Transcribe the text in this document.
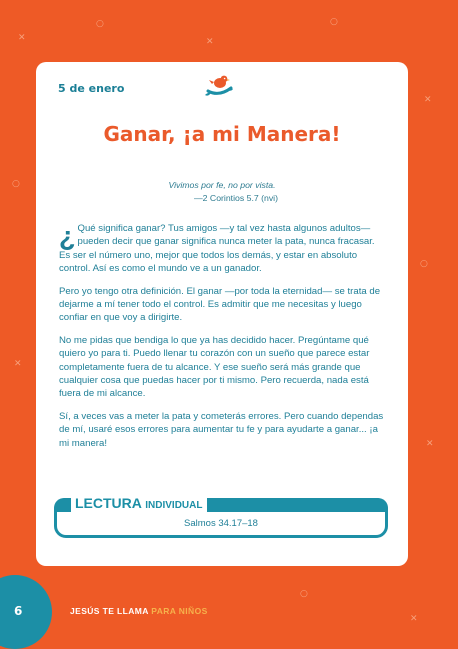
✕
○
✕
○
✕
○
○
✕
✕
○
✕
5 de enero
Ganar, ¡a mi Manera!
Vivimos por fe, no por vista.
—2 Corintios 5.7 (nvi)

¿ Qué significa ganar? Tus amigos —y tal vez hasta algunos adultos— pueden decir que ganar significa nunca meter la pata, nunca fracasar. Es ser el número uno, mejor que todos los demás, y estar en absoluto control. Así es como el mundo ve a un ganador.

Pero yo tengo otra definición. El ganar —por toda la eternidad— se trata de dejarme a mí tener todo el control. Es admitir que me necesitas y luego confiar en que voy a dirigirte.

No me pidas que bendiga lo que ya has decidido hacer. Pregúntame qué quiero yo para ti. Puedo llenar tu corazón con un sueño que parece estar completamente fuera de tu alcance. Y ese sueño será más grande que cualquier cosa que puedas hacer por ti mismo. Pero recuerda, nada está fuera de mi alcance.

Sí, a veces vas a meter la pata y cometerás errores. Pero cuando dependas de mí, usaré esos errores para aumentar tu fe y para ayudarte a ganar... ¡a mi manera!

LECTURA INDIVIDUAL
Salmos 34.17–18
6	JESÚS TE LLAMA PARA NIÑOS
